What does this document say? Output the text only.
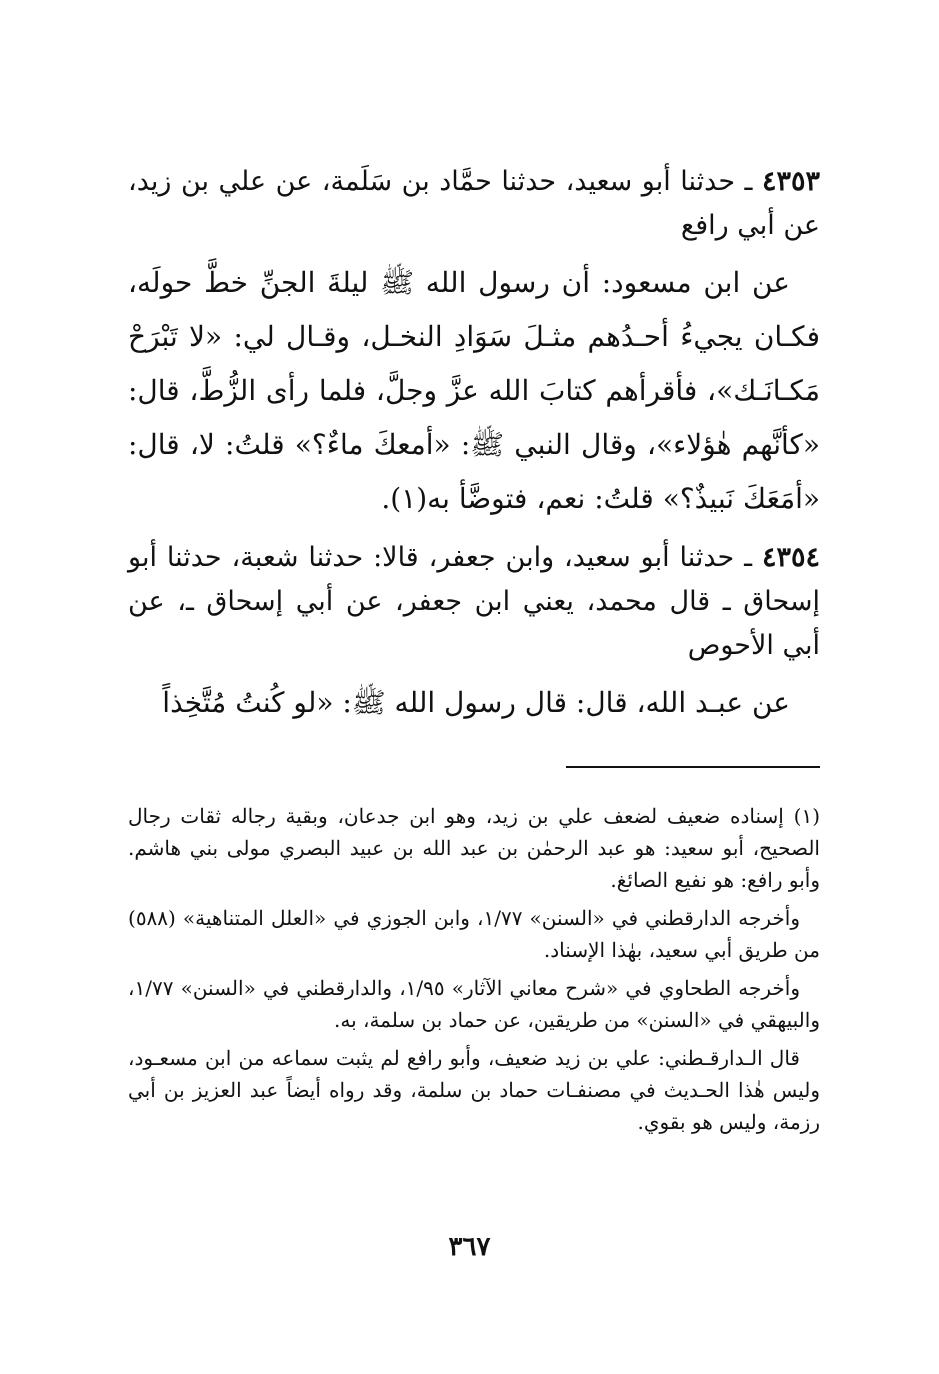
٤٣٥٣ ـ حدثنا أبو سعيد، حدثنا حمَّاد بن سَلَمة، عن علي بن زيد، عن أبي رافع

عن ابن مسعود: أن رسول الله ﷺ ليلةَ الجنِّ خطَّ حولَه، فكـان يجيءُ أحـدُهم مثـلَ سَوَادِ النخـل، وقـال لي: «لا تَبْرَحْ مَكـانَـك»، فأقرأهم كتابَ الله عزَّ وجلَّ، فلما رأى الزُّطَّ، قال: «كأنَّهم هٰؤلاء»، وقال النبي ﷺ: «أمعكَ ماءٌ؟» قلتُ: لا، قال: «أمَعَكَ نَبيذٌ؟» قلتُ: نعم، فتوضَّأ به(١).

٤٣٥٤ ـ حدثنا أبو سعيد، وابن جعفر، قالا: حدثنا شعبة، حدثنا أبو إسحاق ـ قال محمد، يعني ابن جعفر، عن أبي إسحاق ـ، عن أبي الأحوص

عن عبـد الله، قال: قال رسول الله ﷺ: «لو كُنتُ مُتَّخِذاً

(١) إسناده ضعيف لضعف علي بن زيد، وهو ابن جدعان، وبقية رجاله ثقات رجال الصحيح، أبو سعيد: هو عبد الرحمٰن بن عبد الله بن عبيد البصري مولى بني هاشم. وأبو رافع: هو نفيع الصائغ.

وأخرجه الدارقطني في «السنن» ١/٧٧، وابن الجوزي في «العلل المتناهية» (٥٨٨) من طريق أبي سعيد، بهٰذا الإسناد.

وأخرجه الطحاوي في «شرح معاني الآثار» ١/٩٥، والدارقطني في «السنن» ١/٧٧، والبيهقي في «السنن» من طريقين، عن حماد بن سلمة، به.

قال الـدارقـطني: علي بن زيد ضعيف، وأبو رافع لم يثبت سماعه من ابن مسعـود، وليس هٰذا الحـديث في مصنفـات حماد بن سلمة، وقد رواه أيضاً عبد العزيز بن أبي رزمة، وليس هو بقوي.

٣٦٧
